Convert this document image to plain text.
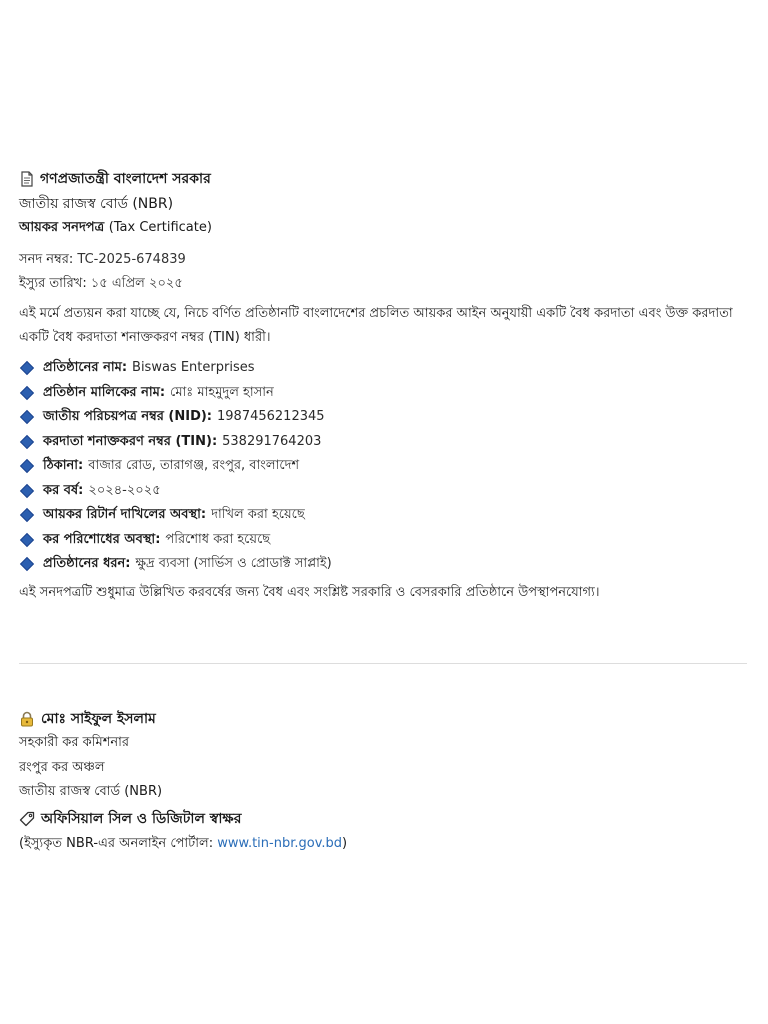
গণপ্রজাতন্ত্রী বাংলাদেশ সরকার
জাতীয় রাজস্ব বোর্ড (NBR)
আয়কর সনদপত্র (Tax Certificate)
সনদ নম্বর: TC-2025-674839
ইস্যুর তারিখ: ১৫ এপ্রিল ২০২৫
এই মর্মে প্রত্যয়ন করা যাচ্ছে যে, নিচে বর্ণিত প্রতিষ্ঠানটি বাংলাদেশের প্রচলিত আয়কর আইন অনুযায়ী একটি বৈধ করদাতা এবং উক্ত করদাতা একটি বৈধ করদাতা শনাক্তকরণ নম্বর (TIN) ধারী।
প্রতিষ্ঠানের নাম: Biswas Enterprises
প্রতিষ্ঠান মালিকের নাম: মোঃ মাহমুদুল হাসান
জাতীয় পরিচয়পত্র নম্বর (NID): 1987456212345
করদাতা শনাক্তকরণ নম্বর (TIN): 538291764203
ঠিকানা: বাজার রোড, তারাগঞ্জ, রংপুর, বাংলাদেশ
কর বর্ষ: ২০২৪-২০২৫
আয়কর রিটার্ন দাখিলের অবস্থা: দাখিল করা হয়েছে
কর পরিশোধের অবস্থা: পরিশোধ করা হয়েছে
প্রতিষ্ঠানের ধরন: ক্ষুদ্র ব্যবসা (সার্ভিস ও প্রোডাক্ট সাপ্লাই)
এই সনদপত্রটি শুধুমাত্র উল্লিখিত করবর্ষের জন্য বৈধ এবং সংশ্লিষ্ট সরকারি ও বেসরকারি প্রতিষ্ঠানে উপস্থাপনযোগ্য।
মোঃ সাইফুল ইসলাম
সহকারী কর কমিশনার
রংপুর কর অঞ্চল
জাতীয় রাজস্ব বোর্ড (NBR)
অফিসিয়াল সিল ও ডিজিটাল স্বাক্ষর
(ইস্যুকৃত NBR-এর অনলাইন পোর্টাল: www.tin-nbr.gov.bd)
